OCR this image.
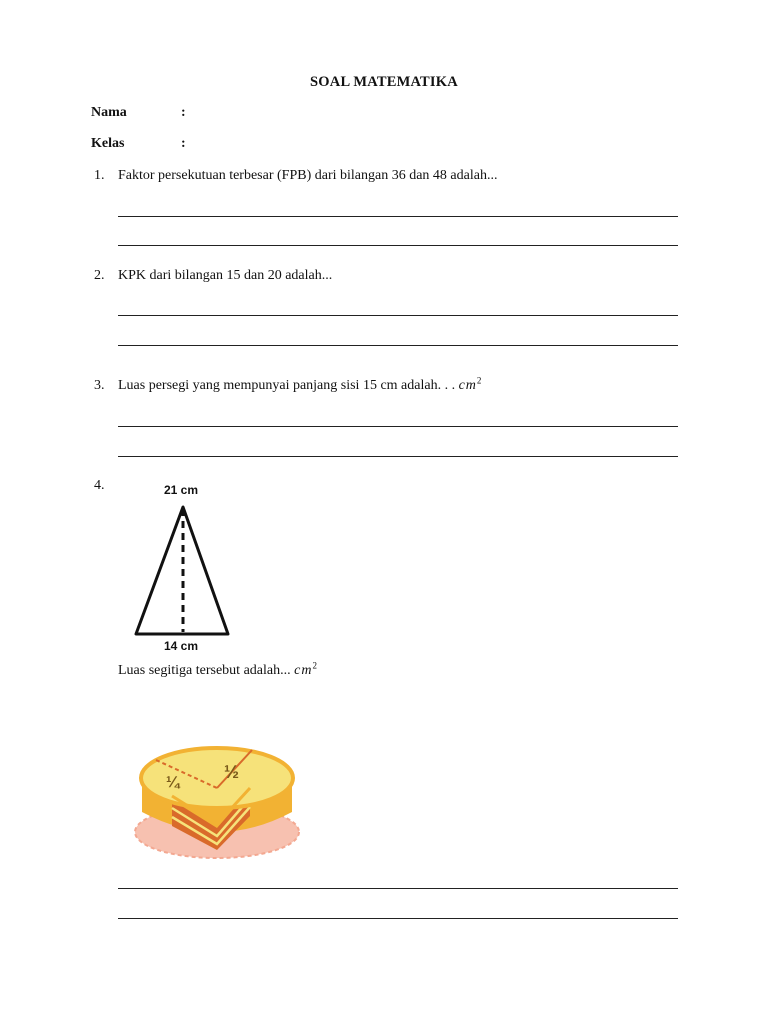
SOAL MATEMATIKA
Nama	:
Kelas	:
1. Faktor persekutuan terbesar (FPB) dari bilangan 36 dan 48 adalah...
2. KPK dari bilangan 15 dan 20 adalah...
3. Luas persegi yang mempunyai panjang sisi 15 cm adalah. . . $cm^2$
4.	21 cm
14 cm
Luas segitiga tersebut adalah... $cm^2$
¼
½
